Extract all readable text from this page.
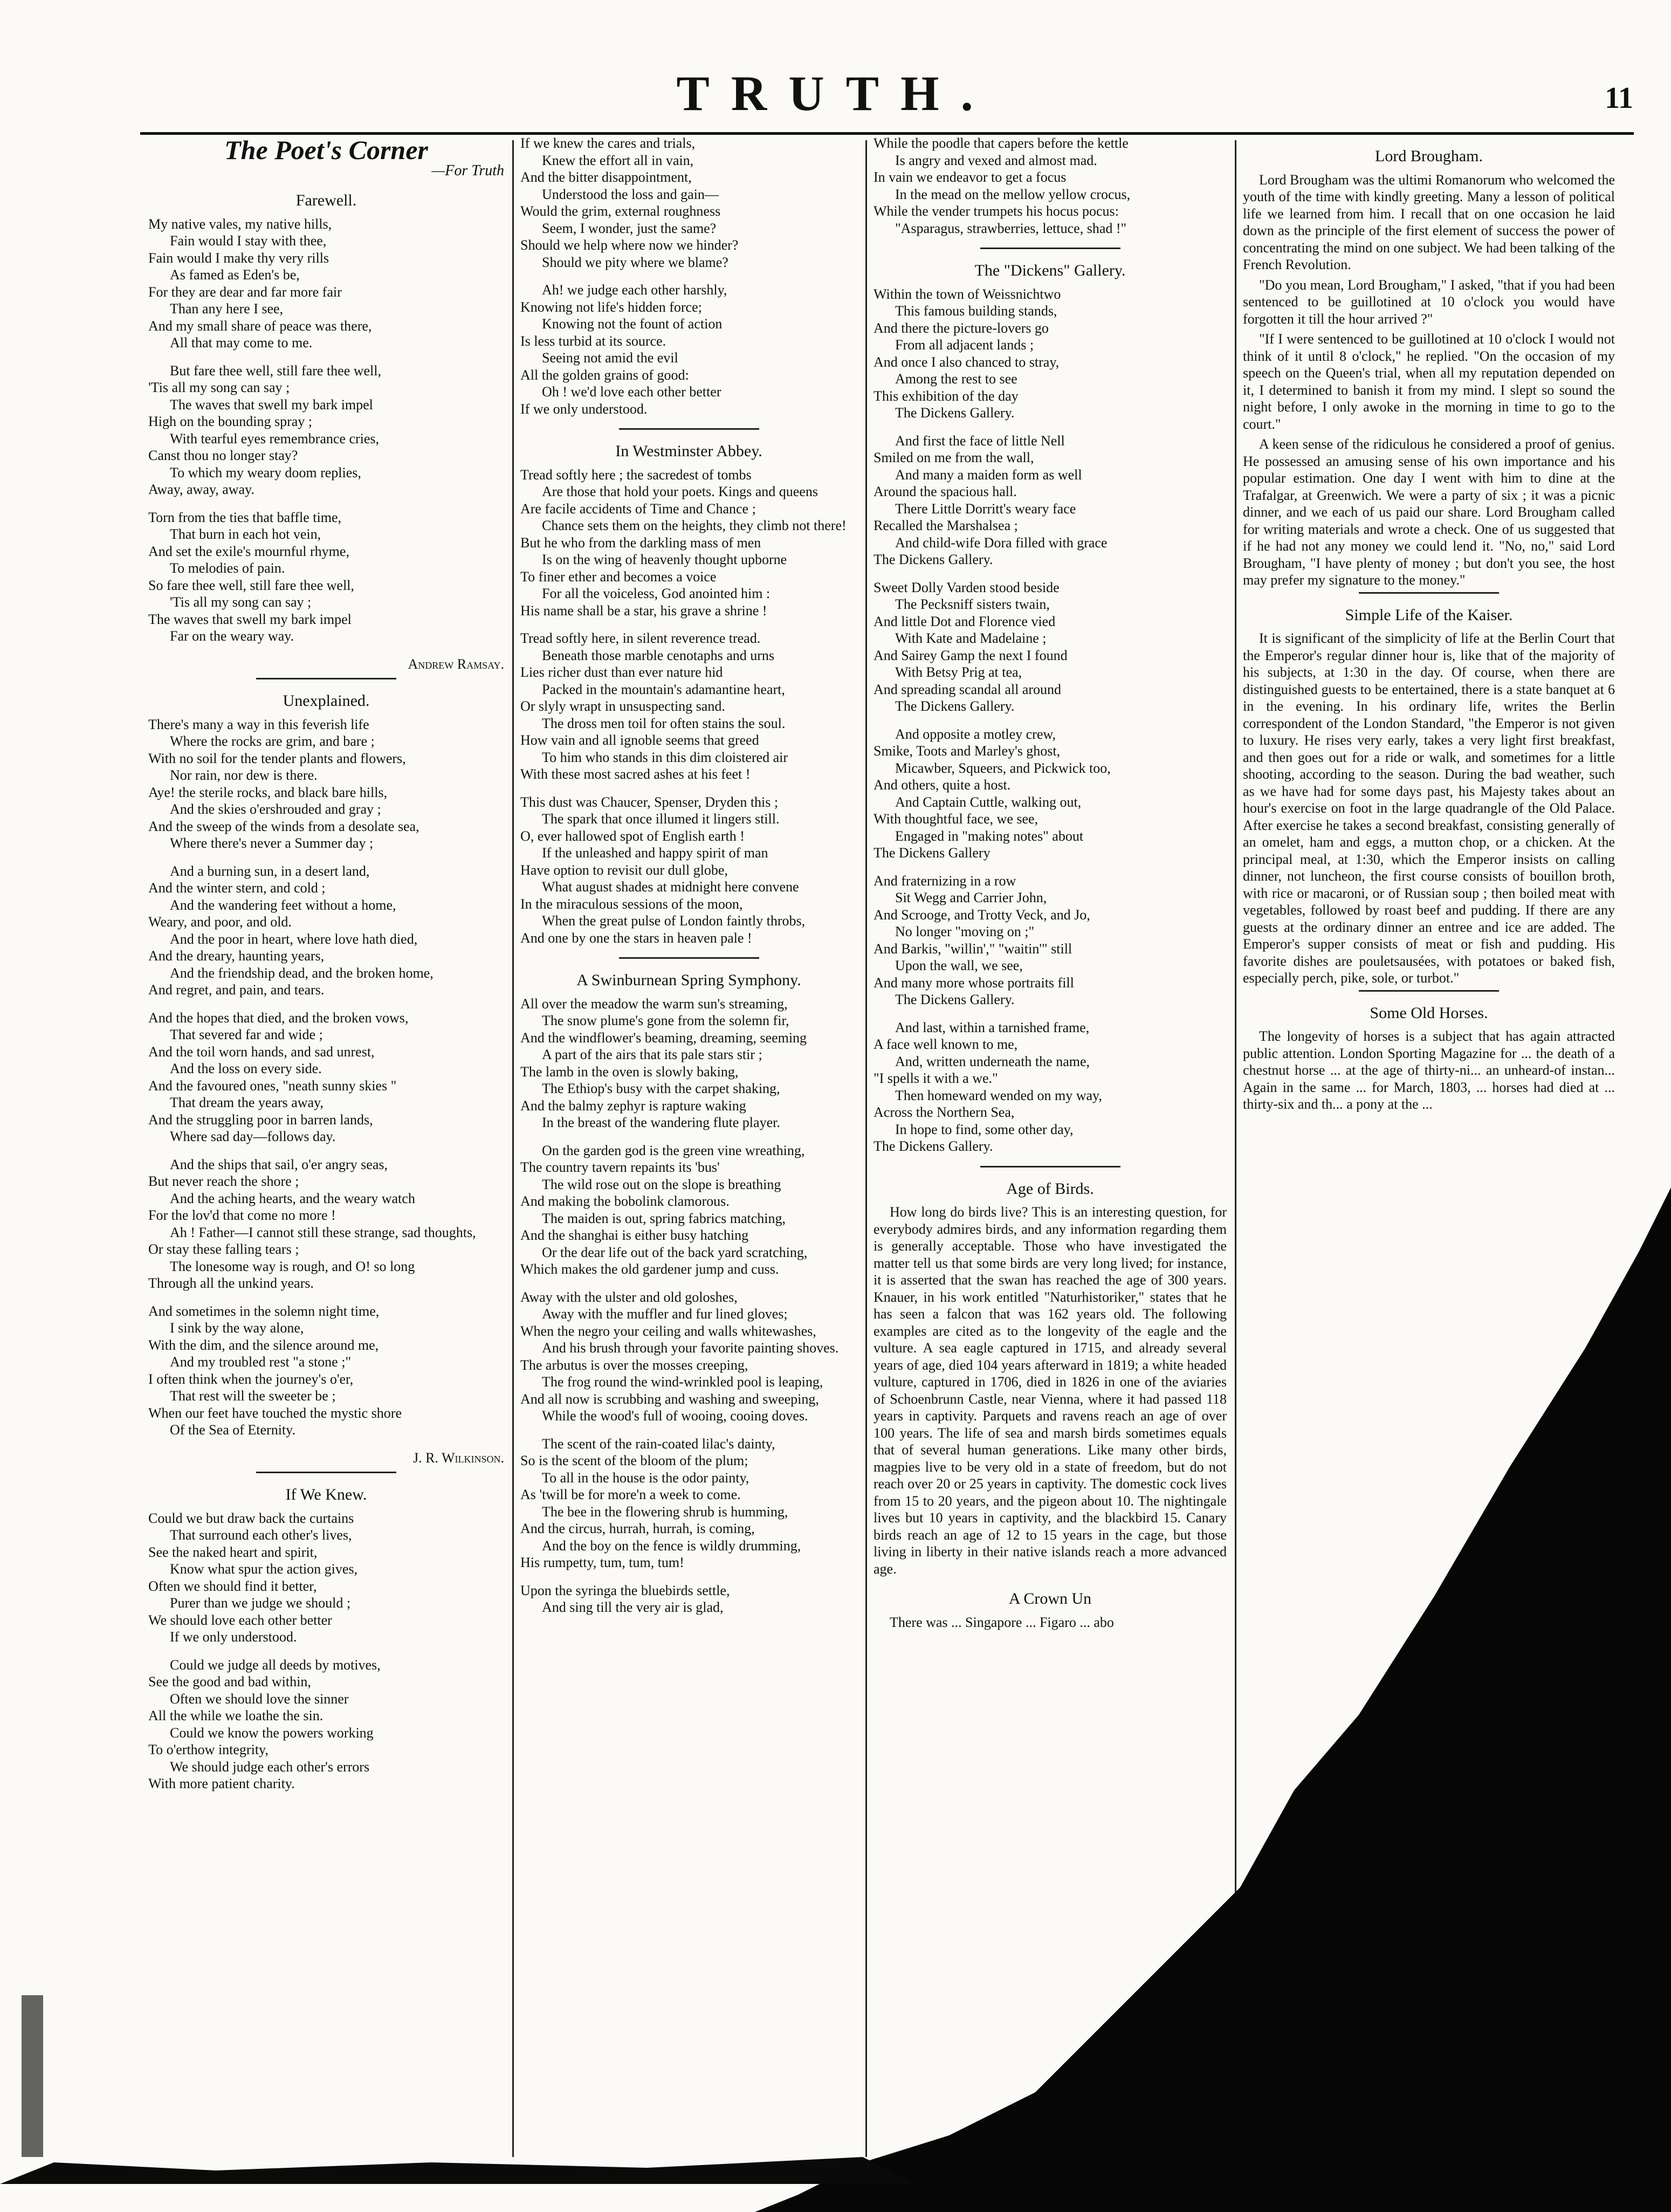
TRUTH.	11
The Poet's Corner
—For Truth
Farewell.
My native vales, my native hills,
Fain would I stay with thee,
Fain would I make thy very rills
As famed as Eden's be,
For they are dear and far more fair
Than any here I see,
And my small share of peace was there,
All that may come to me.
But fare thee well, still fare thee well,
'Tis all my song can say ;
The waves that swell my bark impel
High on the bounding spray ;
With tearful eyes remembrance cries,
Canst thou no longer stay?
To which my weary doom replies,
Away, away, away.
Torn from the ties that baffle time,
That burn in each hot vein,
And set the exile's mournful rhyme,
To melodies of pain.
So fare thee well, still fare thee well,
'Tis all my song can say ;
The waves that swell my bark impel
Far on the weary way.
Andrew Ramsay.
Unexplained.
There's many a way in this feverish life
Where the rocks are grim, and bare ;
With no soil for the tender plants and flowers,
Nor rain, nor dew is there.
Aye! the sterile rocks, and black bare hills,
And the skies o'ershrouded and gray ;
And the sweep of the winds from a desolate sea,
Where there's never a Summer day ;
And a burning sun, in a desert land,
And the winter stern, and cold ;
And the wandering feet without a home,
Weary, and poor, and old.
And the poor in heart, where love hath died,
And the dreary, haunting years,
And the friendship dead, and the broken home,
And regret, and pain, and tears.
And the hopes that died, and the broken vows,
That severed far and wide ;
And the toil worn hands, and sad unrest,
And the loss on every side.
And the favoured ones, "neath sunny skies "
That dream the years away,
And the struggling poor in barren lands,
Where sad day—follows day.
And the ships that sail, o'er angry seas,
But never reach the shore ;
And the aching hearts, and the weary watch
For the lov'd that come no more !
Ah ! Father—I cannot still these strange, sad thoughts,
Or stay these falling tears ;
The lonesome way is rough, and O! so long
Through all the unkind years.
And sometimes in the solemn night time,
I sink by the way alone,
With the dim, and the silence around me,
And my troubled rest "a stone ;"
I often think when the journey's o'er,
That rest will the sweeter be ;
When our feet have touched the mystic shore
Of the Sea of Eternity.
J. R. Wilkinson.
If We Knew.
Could we but draw back the curtains
That surround each other's lives,
See the naked heart and spirit,
Know what spur the action gives,
Often we should find it better,
Purer than we judge we should ;
We should love each other better
If we only understood.
Could we judge all deeds by motives,
See the good and bad within,
Often we should love the sinner
All the while we loathe the sin.
Could we know the powers working
To o'erthow integrity,
We should judge each other's errors
With more patient charity.
If we knew the cares and trials,
Knew the effort all in vain,
And the bitter disappointment,
Understood the loss and gain—
Would the grim, external roughness
Seem, I wonder, just the same?
Should we help where now we hinder?
Should we pity where we blame?
Ah! we judge each other harshly,
Knowing not life's hidden force;
Knowing not the fount of action
Is less turbid at its source.
Seeing not amid the evil
All the golden grains of good:
Oh ! we'd love each other better
If we only understood.
In Westminster Abbey.
Tread softly here ; the sacredest of tombs
Are those that hold your poets. Kings and queens
Are facile accidents of Time and Chance ;
Chance sets them on the heights, they climb not there!
But he who from the darkling mass of men
Is on the wing of heavenly thought upborne
To finer ether and becomes a voice
For all the voiceless, God anointed him :
His name shall be a star, his grave a shrine !
Tread softly here, in silent reverence tread.
Beneath those marble cenotaphs and urns
Lies richer dust than ever nature hid
Packed in the mountain's adamantine heart,
Or slyly wrapt in unsuspecting sand.
The dross men toil for often stains the soul.
How vain and all ignoble seems that greed
To him who stands in this dim cloistered air
With these most sacred ashes at his feet !
This dust was Chaucer, Spenser, Dryden this ;
The spark that once illumed it lingers still.
O, ever hallowed spot of English earth !
If the unleashed and happy spirit of man
Have option to revisit our dull globe,
What august shades at midnight here convene
In the miraculous sessions of the moon,
When the great pulse of London faintly throbs,
And one by one the stars in heaven pale !
A Swinburnean Spring Symphony.
All over the meadow the warm sun's streaming,
The snow plume's gone from the solemn fir,
And the windflower's beaming, dreaming, seeming
A part of the airs that its pale stars stir ;
The lamb in the oven is slowly baking,
The Ethiop's busy with the carpet shaking,
And the balmy zephyr is rapture waking
In the breast of the wandering flute player.
On the garden god is the green vine wreathing,
The country tavern repaints its 'bus'
The wild rose out on the slope is breathing
And making the bobolink clamorous.
The maiden is out, spring fabrics matching,
And the shanghai is either busy hatching
Or the dear life out of the back yard scratching,
Which makes the old gardener jump and cuss.
Away with the ulster and old goloshes,
Away with the muffler and fur lined gloves;
When the negro your ceiling and walls whitewashes,
And his brush through your favorite painting shoves.
The arbutus is over the mosses creeping,
The frog round the wind-wrinkled pool is leaping,
And all now is scrubbing and washing and sweeping,
While the wood's full of wooing, cooing doves.
The scent of the rain-coated lilac's dainty,
So is the scent of the bloom of the plum;
To all in the house is the odor painty,
As 'twill be for more'n a week to come.
The bee in the flowering shrub is humming,
And the circus, hurrah, hurrah, is coming,
And the boy on the fence is wildly drumming,
His rumpetty, tum, tum, tum!
Upon the syringa the bluebirds settle,
And sing till the very air is glad,
While the poodle that capers before the kettle
Is angry and vexed and almost mad.
In vain we endeavor to get a focus
In the mead on the mellow yellow crocus,
While the vender trumpets his hocus pocus:
"Asparagus, strawberries, lettuce, shad !"
The "Dickens" Gallery.
Within the town of Weissnichtwo
This famous building stands,
And there the picture-lovers go
From all adjacent lands ;
And once I also chanced to stray,
Among the rest to see
This exhibition of the day
The Dickens Gallery.
And first the face of little Nell
Smiled on me from the wall,
And many a maiden form as well
Around the spacious hall.
There Little Dorritt's weary face
Recalled the Marshalsea ;
And child-wife Dora filled with grace
The Dickens Gallery.
Sweet Dolly Varden stood beside
The Pecksniff sisters twain,
And little Dot and Florence vied
With Kate and Madelaine ;
And Sairey Gamp the next I found
With Betsy Prig at tea,
And spreading scandal all around
The Dickens Gallery.
And opposite a motley crew,
Smike, Toots and Marley's ghost,
Micawber, Squeers, and Pickwick too,
And others, quite a host.
And Captain Cuttle, walking out,
With thoughtful face, we see,
Engaged in "making notes" about
The Dickens Gallery
And fraternizing in a row
Sit Wegg and Carrier John,
And Scrooge, and Trotty Veck, and Jo,
No longer "moving on ;"
And Barkis, "willin'," "waitin'" still
Upon the wall, we see,
And many more whose portraits fill
The Dickens Gallery.
And last, within a tarnished frame,
A face well known to me,
And, written underneath the name,
"I spells it with a we."
Then homeward wended on my way,
Across the Northern Sea,
In hope to find, some other day,
The Dickens Gallery.
Age of Birds.

How long do birds live? This is an interesting question, for everybody admires birds, and any information regarding them is generally acceptable. Those who have investigated the matter tell us that some birds are very long lived; for instance, it is asserted that the swan has reached the age of 300 years. Knauer, in his work entitled "Naturhistoriker," states that he has seen a falcon that was 162 years old. The following examples are cited as to the longevity of the eagle and the vulture. A sea eagle captured in 1715, and already several years of age, died 104 years afterward in 1819; a white headed vulture, captured in 1706, died in 1826 in one of the aviaries of Schoenbrunn Castle, near Vienna, where it had passed 118 years in captivity. Parquets and ravens reach an age of over 100 years. The life of sea and marsh birds sometimes equals that of several human generations. Like many other birds, magpies live to be very old in a state of freedom, but do not reach over 20 or 25 years in captivity. The domestic cock lives from 15 to 20 years, and the pigeon about 10. The nightingale lives but 10 years in captivity, and the blackbird 15. Canary birds reach an age of 12 to 15 years in the cage, but those living in liberty in their native islands reach a more advanced age.

A Crown Un

There was ... Singapore ... Figaro ... abo

Lord Brougham.

Lord Brougham was the ultimi Romanorum who welcomed the youth of the time with kindly greeting. Many a lesson of political life we learned from him. I recall that on one occasion he laid down as the principle of the first element of success the power of concentrating the mind on one subject. We had been talking of the French Revolution.

"Do you mean, Lord Brougham," I asked, "that if you had been sentenced to be guillotined at 10 o'clock you would have forgotten it till the hour arrived ?"

"If I were sentenced to be guillotined at 10 o'clock I would not think of it until 8 o'clock," he replied. "On the occasion of my speech on the Queen's trial, when all my reputation depended on it, I determined to banish it from my mind. I slept so sound the night before, I only awoke in the morning in time to go to the court."

A keen sense of the ridiculous he considered a proof of genius. He possessed an amusing sense of his own importance and his popular estimation. One day I went with him to dine at the Trafalgar, at Greenwich. We were a party of six ; it was a picnic dinner, and we each of us paid our share. Lord Brougham called for writing materials and wrote a check. One of us suggested that if he had not any money we could lend it. "No, no," said Lord Brougham, "I have plenty of money ; but don't you see, the host may prefer my signature to the money."

Simple Life of the Kaiser.

It is significant of the simplicity of life at the Berlin Court that the Emperor's regular dinner hour is, like that of the majority of his subjects, at 1:30 in the day. Of course, when there are distinguished guests to be entertained, there is a state banquet at 6 in the evening. In his ordinary life, writes the Berlin correspondent of the London Standard, "the Emperor is not given to luxury. He rises very early, takes a very light first breakfast, and then goes out for a ride or walk, and sometimes for a little shooting, according to the season. During the bad weather, such as we have had for some days past, his Majesty takes about an hour's exercise on foot in the large quadrangle of the Old Palace. After exercise he takes a second breakfast, consisting generally of an omelet, ham and eggs, a mutton chop, or a chicken. At the principal meal, at 1:30, which the Emperor insists on calling dinner, not luncheon, the first course consists of bouillon broth, with rice or macaroni, or of Russian soup ; then boiled meat with vegetables, followed by roast beef and pudding. If there are any guests at the ordinary dinner an entree and ice are added. The Emperor's supper consists of meat or fish and pudding. His favorite dishes are pouletsausées, with potatoes or baked fish, especially perch, pike, sole, or turbot."

Some Old Horses.

The longevity of horses is a subject that has again attracted public attention. London Sporting Magazine for ... the death of a chestnut horse ... at the age of thirty-ni... an unheard-of instan... Again in the same ... for March, 1803, ... horses had died at ... thirty-six and th... a pony at the ...
